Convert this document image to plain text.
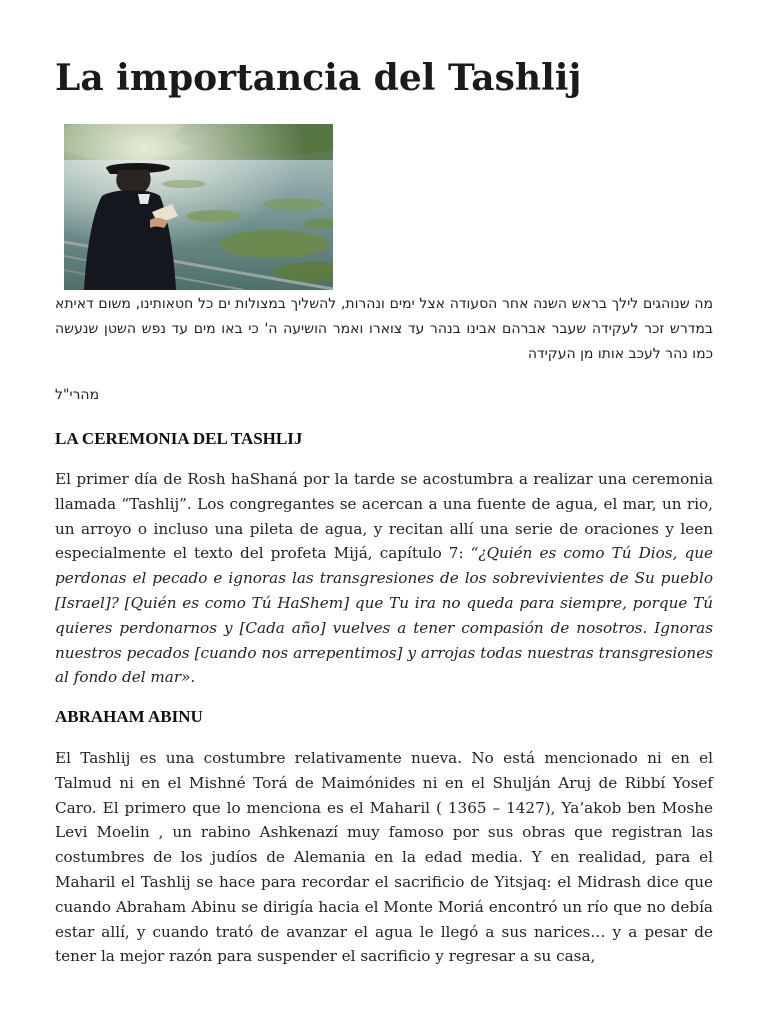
La importancia del Tashlij

מה שנוהגים לילך בראש השנה אחר הסעודה אצל ימים ונהרות, להשליך במצולות ים כל חטאותינו, משום דאיתא במדרש זכר לעקידה שעבר אברהם אבינו בנהר עד צוארו ואמר הושיעה ה' כי באו מים עד נפש השטן שנעשה כמו נהר לעכב אותו מן העקידה

מהרי"ל
LA CEREMONIA DEL TASHLIJ

El primer día de Rosh haShaná por la tarde se acostumbra a realizar una ceremonia llamada “Tashlij”. Los congregantes se acercan a una fuente de agua, el mar, un rio, un arroyo o incluso una pileta de agua, y recitan allí una serie de oraciones y leen especialmente el texto del profeta Mijá, capítulo 7: “¿Quién es como Tú Dios, que perdonas el pecado e ignoras las transgresiones de los sobrevivientes de Su pueblo [Israel]? [Quién es como Tú HaShem] que Tu ira no queda para siempre, porque Tú quieres perdonarnos y [Cada año] vuelves a tener compasión de nosotros. Ignoras nuestros pecados [cuando nos arrepentimos] y arrojas todas nuestras transgresiones al fondo del mar».

ABRAHAM ABINU

El Tashlij es una costumbre relativamente nueva. No está mencionado ni en el Talmud ni en el Mishné Torá de Maimónides ni en el Shulján Aruj de Ribbí Yosef Caro. El primero que lo menciona es el Maharil ( 1365 – 1427), Ya’akob ben Moshe Levi Moelin , un rabino Ashkenazí muy famoso por sus obras que registran las costumbres de los judíos de Alemania en la edad media. Y en realidad, para el Maharil el Tashlij se hace para recordar el sacrificio de Yitsjaq: el Midrash dice que cuando Abraham Abinu se dirigía hacia el Monte Moriá encontró un río que no debía estar allí, y cuando trató de avanzar el agua le llegó a sus narices… y a pesar de tener la mejor razón para suspender el sacrificio y regresar a su casa,
